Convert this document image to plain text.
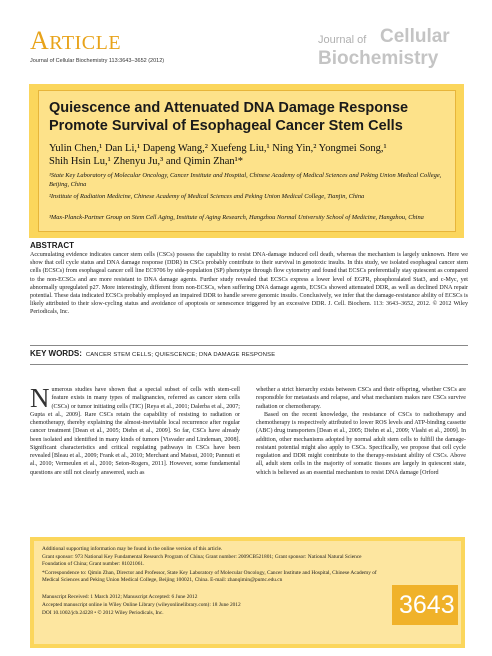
ARTICLE
Journal of Cellular Biochemistry 113:3643–3652 (2012)
Journal of Cellular
Biochemistry
Quiescence and Attenuated DNA Damage Response
Promote Survival of Esophageal Cancer Stem Cells
Yulin Chen,¹ Dan Li,¹ Dapeng Wang,² Xuefeng Liu,¹ Ning Yin,² Yongmei Song,¹
Shih Hsin Lu,¹ Zhenyu Ju,³ and Qimin Zhan¹*
¹State Key Laboratory of Molecular Oncology, Cancer Institute and Hospital, Chinese Academy of Medical Sciences and Peking Union Medical College, Beijing, China
²Institute of Radiation Medicine, Chinese Academy of Medical Sciences and Peking Union Medical College, Tianjin, China
³Max-Planck-Partner Group on Stem Cell Aging, Institute of Aging Research, Hangzhou Normal University School of Medicine, Hangzhou, China
ABSTRACT
Accumulating evidence indicates cancer stem cells (CSCs) possess the capability to resist DNA-damage induced cell death, whereas the mechanism is largely unknown. Here we show that cell cycle status and DNA damage response (DDR) in CSCs probably contribute to their survival in genotoxic insults. In this study, we isolated esophageal cancer stem cells (ECSCs) from esophageal cancer cell line EC9706 by side-population (SP) phenotype through flow cytometry and found that ECSCs preferentially stay quiescent as compared to the non-ECSCs and are more resistant to DNA damage agents. Further study revealed that ECSCs express a lower level of EGFR, phosphoralated Stat3, and c-Myc, yet abnormally upregulated p27. More interestingly, different from non-ECSCs, when suffering DNA damage agents, ECSCs showed attenuated DDR, as well as declined DNA repair potential. These data indicated ECSCs probably employed an impaired DDR to handle severe genomic insults. Conclusively, we infer that the damage-resistance ability of ECSCs is likely attributed to their slow-cycling status and avoidance of apoptosis or senescence triggered by an excessive DDR. J. Cell. Biochem. 113: 3643–3652, 2012. © 2012 Wiley Periodicals, Inc.
KEY WORDS: CANCER STEM CELLS; QUIESCENCE; DNA DAMAGE RESPONSE
Numerous studies have shown that a special subset of cells with stem-cell feature exists in many types of malignancies, referred as cancer stem cells (CSCs) or tumor initiating cells (TIC) [Reya et al., 2001; Dalerba et al., 2007; Gupta et al., 2009]. Rare CSCs retain the capability of resisting to radiation or chemotherapy, thereby explaining the almost-inevitable local recurrence after regular cancer treatment [Dean et al., 2005; Diehn et al., 2009]. So far, CSCs have already been isolated and identified in many kinds of tumors [Visvader and Lindeman, 2008]. Significant characteristics and critical regulating pathways in CSCs have been revealed [Bleau et al., 2009; Frank et al., 2010; Merchant and Matsui, 2010; Pannuti et al., 2010; Vermeulen et al., 2010; Seton-Rogers, 2011]. However, some fundamental questions are still not clearly answered, such as

whether a strict hierarchy exists between CSCs and their offspring, whether CSCs are responsible for metastasis and relapse, and what mechanism makes rare CSCs survive radiation or chemotherapy.

Based on the recent knowledge, the resistance of CSCs to radiotherapy and chemotherapy is respectively attributed to lower ROS levels and ATP-binding cassette (ABC) drug transporters [Dean et al., 2005; Diehn et al., 2009; Vlashi et al., 2009]. In addition, other mechanisms adopted by normal adult stem cells to fulfill the damage-resistant potential might also apply to CSCs. Specifically, we propose that cell cycle regulation and DDR might contribute to the therapy-resistant ability of CSCs. Above all, adult stem cells in the majority of somatic tissues are largely in quiescent state, which is believed as an essential mechanism to resist DNA damage [Orford

Additional supporting information may be found in the online version of this article.
Grant sponsor: 973 National Key Fundamental Research Program of China; Grant number: 2009CB521801; Grant sponsor: National Natural Science Foundation of China; Grant number: 81021061.
*Correspondence to: Qimin Zhan, Director and Professor, State Key Laboratory of Molecular Oncology, Cancer Institute and Hospital, Chinese Academy of Medical Sciences and Peking Union Medical College, Beijing 100021, China. E-mail: zhanqimin@pumc.edu.cn
Manuscript Received: 1 March 2012; Manuscript Accepted: 6 June 2012
Accepted manuscript online in Wiley Online Library (wileyonlinelibrary.com): 18 June 2012
DOI 10.1002/jcb.24228 • © 2012 Wiley Periodicals, Inc.	3643
